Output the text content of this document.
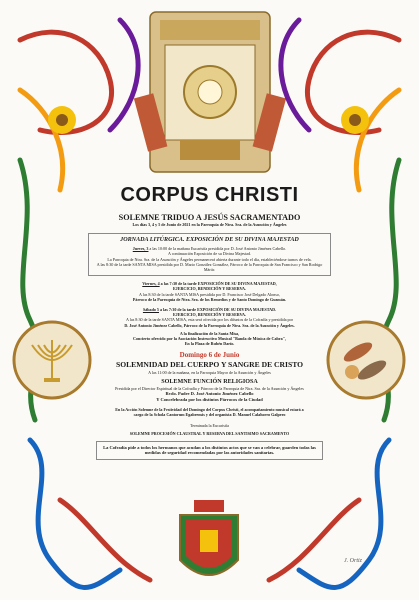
CORPUS CHRISTI
SOLEMNE TRIDUO A JESÚS SACRAMENTADO
Los días 3, 4 y 5 de Junio de 2021 en la Parroquia de Ntra. Sra. de la Asunción y Ángeles
JORNADA LITÚRGICA. EXPOSICIÓN DE SU DIVINA MAJESTAD
Jueves, 3 a las 10:00 de la mañana Eucaristía presidida por D. José Antonio Jiménez Cabello.
A continuación Exposición de su Divina Majestad.
La Parroquia de Ntra. Sra. de la Asunción y Ángeles permanecerá abierta durante todo el día, estableciéndose turnos de vela.
A las 8:30 de la tarde SANTA MISA presidida por D. Mario González González, Párroco de la Parroquia de San Francisco y San Rodrigo Mártir.
Viernes, 4 a las 7:30 de la tarde EXPOSICIÓN DE SU DIVINA MAJESTAD,
EJERCICIO, BENDICIÓN Y RESERVA.
A las 8:30 de la tarde SANTA MISA presidida por D. Francisco José Delgado Alonso,
Párroco de la Parroquia de Ntra. Sra. de los Remedios y de Santo Domingo de Guzmán.
Sábado 5 a las 7:30 de la tarde EXPOSICIÓN DE SU DIVINA MAJESTAD.
EJERCICIO, BENDICIÓN Y RESERVA.
A las 8:30 de la tarde SANTA MISA, esta será ofrecida por los difuntos de la Cofradía y presidida por
D. José Antonio Jiménez Cabello, Párroco de la Parroquia de Ntra. Sra. de la Asunción y Ángeles.
A la finalización de la Santa Misa,
Concierto ofrecido por la Asociación Instructivo Musical "Banda de Música de Cabra",
En la Plaza de Rubén Darío.
Domingo 6 de Junio
SOLEMNIDAD DEL CUERPO Y SANGRE DE CRISTO
A las 11:00 de la mañana, en la Parroquia Mayor de la Asunción y Ángeles
SOLEMNE FUNCIÓN RELIGIOSA
Presidida por el Director Espiritual de la Cofradía y Párroco de la Parroquia de Ntra. Sra. de la Asunción y Ángeles
Rvdo. Padre D. José Antonio Jiménez Cabello
Y Concelebrada por los distintos Párrocos de la Ciudad
En la Acción Solemne de la Festividad del Domingo del Corpus Christi, el acompañamiento musical estará a
cargo de la Schola Cantorum Egabrensis y del organista D. Manuel Calahorro Galpero
Terminada la Eucaristía
SOLEMNE PROCESIÓN CLAUSTRAL Y RESERVA DEL SANTISIMO SACRAMENTO
La Cofradía pide a todos los hermanos que acudan a los distintos actos que se van a celebrar, guarden todas las medidas de seguridad recomendadas por las autoridades sanitarias.
J. Ortiz
